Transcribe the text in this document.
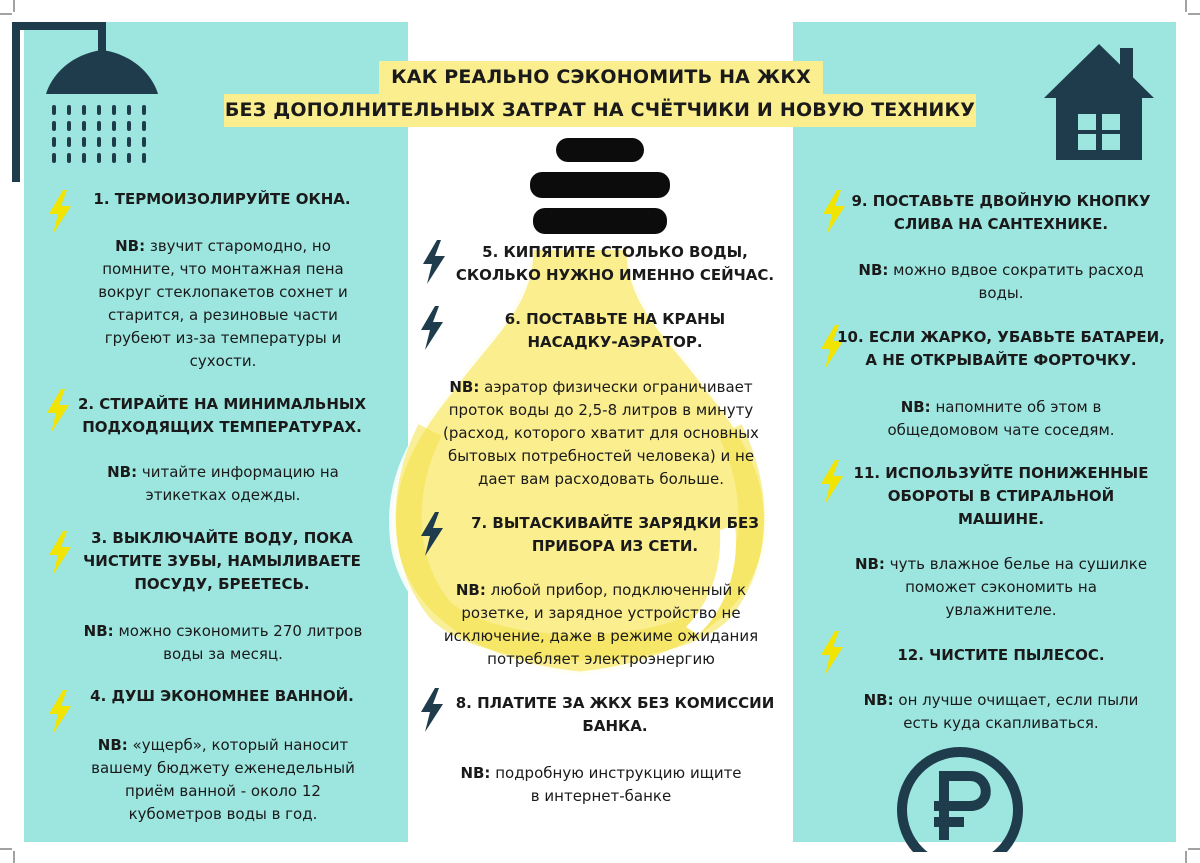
КАК РЕАЛЬНО СЭКОНОМИТЬ НА ЖКХ
БЕЗ ДОПОЛНИТЕЛЬНЫХ ЗАТРАТ НА СЧЁТЧИКИ И НОВУЮ ТЕХНИКУ
1. ТЕРМОИЗОЛИРУЙТЕ ОКНА.
NB: звучит старомодно, но
помните, что монтажная пена
вокруг стеклопакетов сохнет и
старится, а резиновые части
грубеют из-за температуры и
сухости.
2. СТИРАЙТЕ НА МИНИМАЛЬНЫХ
ПОДХОДЯЩИХ ТЕМПЕРАТУРАХ.
NB: читайте информацию на
этикетках одежды.
3. ВЫКЛЮЧАЙТЕ ВОДУ, ПОКА
ЧИСТИТЕ ЗУБЫ, НАМЫЛИВАЕТЕ
ПОСУДУ, БРЕЕТЕСЬ.
NB: можно сэкономить 270 литров
воды за месяц.
4. ДУШ ЭКОНОМНЕЕ ВАННОЙ.
NB: «ущерб», который наносит
вашему бюджету еженедельный
приём ванной - около 12
кубометров воды в год.
5. КИПЯТИТЕ СТОЛЬКО ВОДЫ,
СКОЛЬКО НУЖНО ИМЕННО СЕЙЧАС.
6. ПОСТАВЬТЕ НА КРАНЫ
НАСАДКУ-АЭРАТОР.
NB: аэратор физически ограничивает
проток воды до 2,5-8 литров в минуту
(расход, которого хватит для основных
бытовых потребностей человека) и не
дает вам расходовать больше.
7. ВЫТАСКИВАЙТЕ ЗАРЯДКИ БЕЗ
ПРИБОРА ИЗ СЕТИ.
NB: любой прибор, подключенный к
розетке, и зарядное устройство не
исключение, даже в режиме ожидания
потребляет электроэнергию
8. ПЛАТИТЕ ЗА ЖКХ БЕЗ КОМИССИИ
БАНКА.
NB: подробную инструкцию ищите
в интернет-банке
9. ПОСТАВЬТЕ ДВОЙНУЮ КНОПКУ
СЛИВА НА САНТЕХНИКЕ.
NB: можно вдвое сократить расход
воды.
10. ЕСЛИ ЖАРКО, УБАВЬТЕ БАТАРЕИ,
А НЕ ОТКРЫВАЙТЕ ФОРТОЧКУ.
NB: напомните об этом в
общедомовом чате соседям.
11. ИСПОЛЬЗУЙТЕ ПОНИЖЕННЫЕ
ОБОРОТЫ В СТИРАЛЬНОЙ
МАШИНЕ.
NB: чуть влажное белье на сушилке
поможет сэкономить на
увлажнителе.
12. ЧИСТИТЕ ПЫЛЕСОС.
NB: он лучше очищает, если пыли
есть куда скапливаться.
